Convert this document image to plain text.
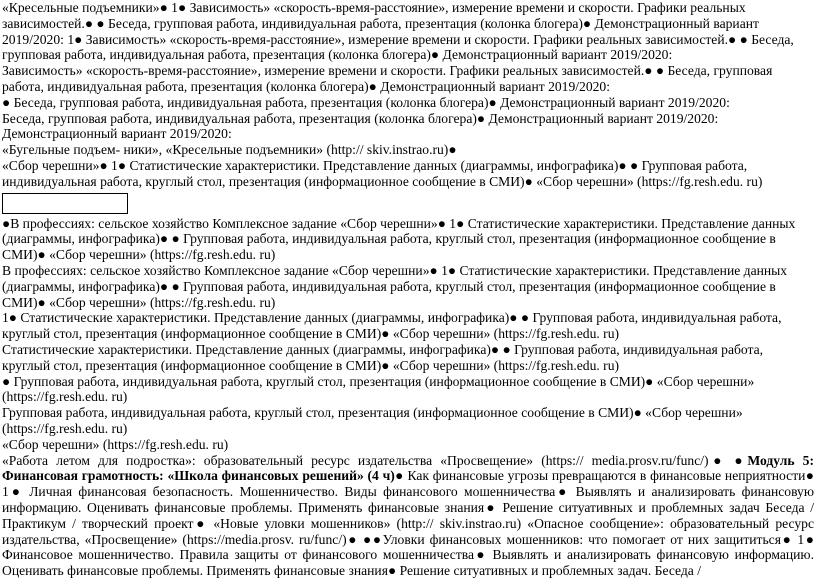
«Кресельные подъемники»● 1● Зависимость» «скорость-время-расстояние», измерение времени и скорости. Графики реальных зависимостей.● ● Беседа, групповая работа, индивидуальная работа, презентация (колонка блогера)● Демонстрационный вариант 2019/2020: 1● Зависимость» «скорость-время-расстояние», измерение времени и скорости. Графики реальных зависимостей.● ● Беседа, групповая работа, индивидуальная работа, презентация (колонка блогера)● Демонстрационный вариант 2019/2020:

Зависимость» «скорость-время-расстояние», измерение времени и скорости. Графики реальных зависимостей.● ● Беседа, групповая работа, индивидуальная работа, презентация (колонка блогера)● Демонстрационный вариант 2019/2020:

● Беседа, групповая работа, индивидуальная работа, презентация (колонка блогера)● Демонстрационный вариант 2019/2020:

Беседа, групповая работа, индивидуальная работа, презентация (колонка блогера)● Демонстрационный вариант 2019/2020:

Демонстрационный вариант 2019/2020:

«Бугельные подъем- ники», «Кресельные подъемники» (http:// skiv.instrao.ru)●

«Сбор черешни»● 1● Статистические характеристики. Представление данных (диаграммы, инфографика)● ● Групповая работа, индивидуальная работа, круглый стол, презентация (информационное сообщение в СМИ)● «Сбор черешни» (https://fg.resh.edu. ru)

●В профессиях: сельское хозяйство Комплексное задание «Сбор черешни»● 1● Статистические характеристики. Представление данных (диаграммы, инфографика)● ● Групповая работа, индивидуальная работа, круглый стол, презентация (информационное сообщение в СМИ)● «Сбор черешни» (https://fg.resh.edu. ru)

В профессиях: сельское хозяйство Комплексное задание «Сбор черешни»● 1● Статистические характеристики. Представление данных (диаграммы, инфографика)● ● Групповая работа, индивидуальная работа, круглый стол, презентация (информационное сообщение в СМИ)● «Сбор черешни» (https://fg.resh.edu. ru)

1● Статистические характеристики. Представление данных (диаграммы, инфографика)● ● Групповая работа, индивидуальная работа, круглый стол, презентация (информационное сообщение в СМИ)● «Сбор черешни» (https://fg.resh.edu. ru)

Статистические характеристики. Представление данных (диаграммы, инфографика)● ● Групповая работа, индивидуальная работа, круглый стол, презентация (информационное сообщение в СМИ)● «Сбор черешни» (https://fg.resh.edu. ru)

● Групповая работа, индивидуальная работа, круглый стол, презентация (информационное сообщение в СМИ)● «Сбор черешни» (https://fg.resh.edu. ru)

Групповая работа, индивидуальная работа, круглый стол, презентация (информационное сообщение в СМИ)● «Сбор черешни» (https://fg.resh.edu. ru)

«Сбор черешни» (https://fg.resh.edu. ru)

«Работа летом для подростка»: образовательный ресурс издательства «Просвещение» (https:// media.prosv.ru/func/)● ●Модуль 5: Финансовая грамотность: «Школа финансовых решений» (4 ч)● Как финансовые угрозы превращаются в финансовые неприятности● 1● Личная финансовая безопасность. Мошенничество. Виды финансового мошенничества● Выявлять и анализировать финансовую информацию. Оценивать финансовые проблемы. Применять финансовые знания● Решение ситуативных и проблемных задач Беседа / Практикум / творческий проект● «Новые уловки мошенников» (http:// skiv.instrao.ru) «Опасное сообщение»: образовательный ресурс издательства, «Просвещение» (https://media.prosv. ru/func/)● ●●Уловки финансовых мошенников: что помогает от них защититься● 1● Финансовое мошенничество. Правила защиты от финансового мошенничества● Выявлять и анализировать финансовую информацию. Оценивать финансовые проблемы. Применять финансовые знания● Решение ситуативных и проблемных задач. Беседа /
